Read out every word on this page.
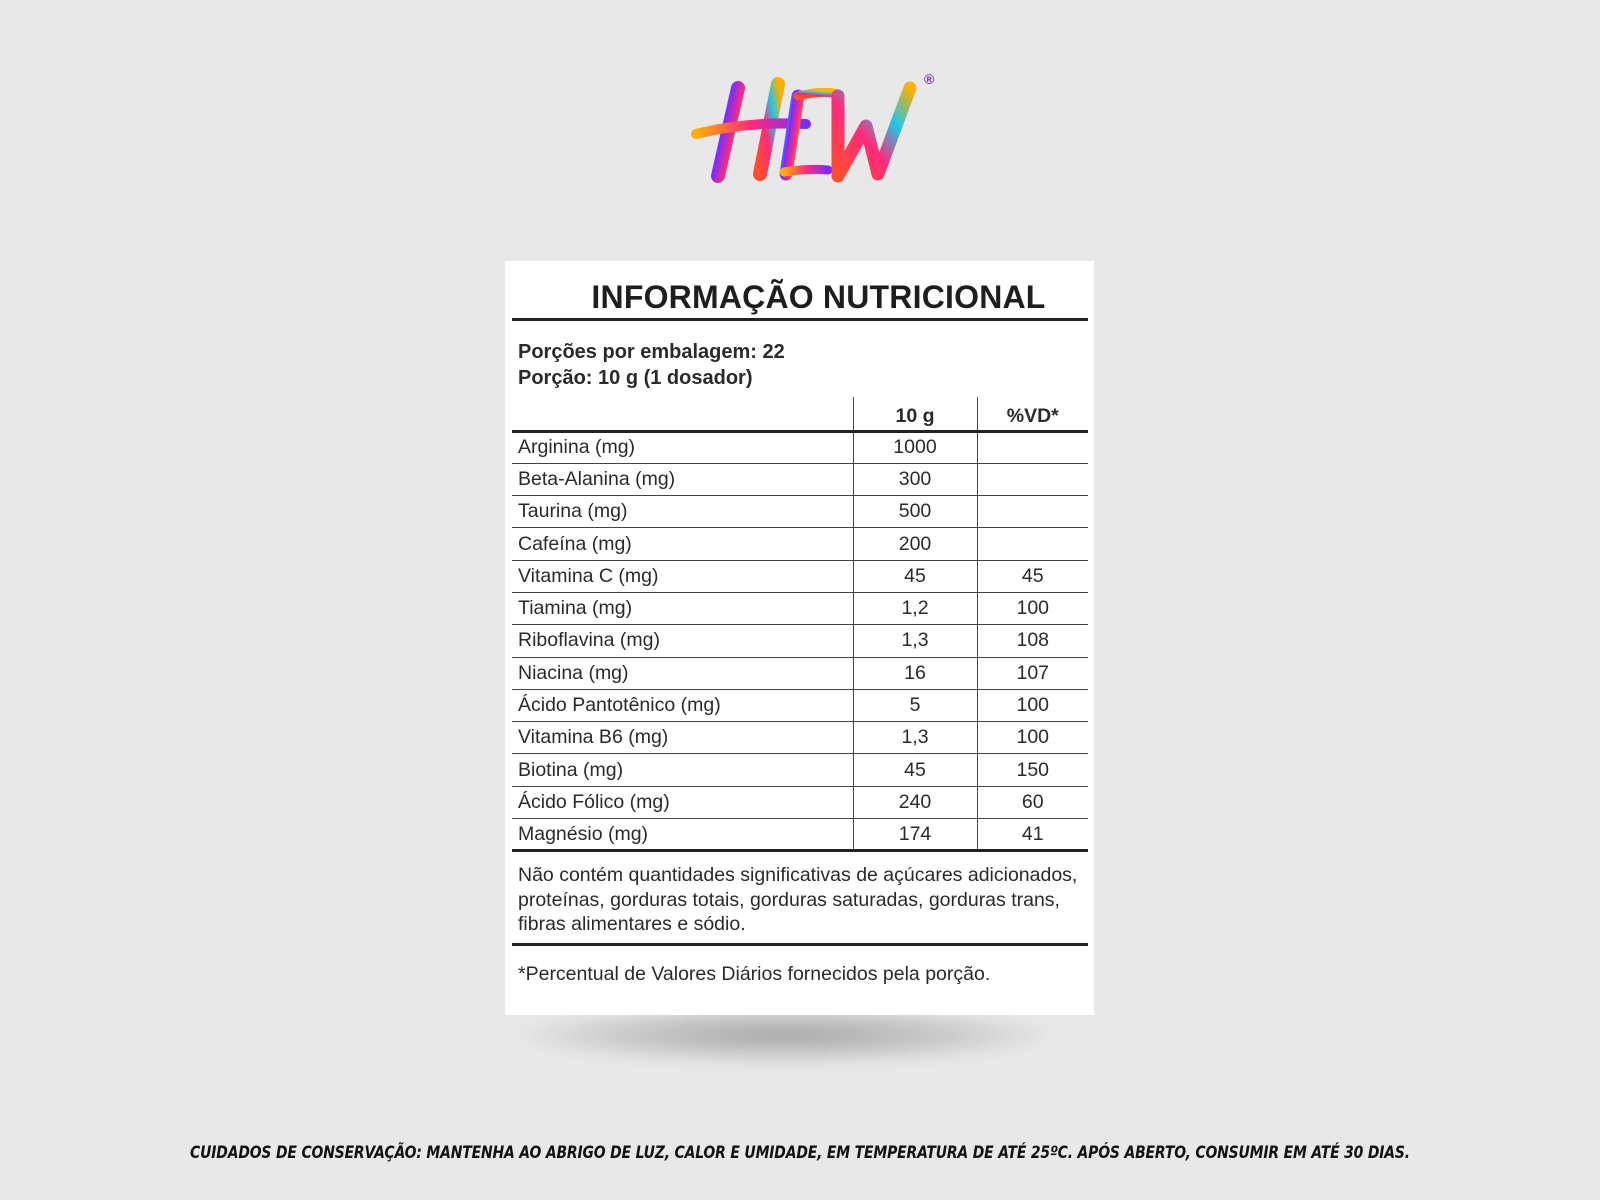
®
INFORMAÇÃO NUTRICIONAL
Porções por embalagem: 22
Porção: 10 g (1 dosador)
	10 g	%VD*
Arginina (mg)	1000	
Beta-Alanina (mg)	300	
Taurina (mg)	500	
Cafeína (mg)	200	
Vitamina C (mg)	45	45
Tiamina (mg)	1,2	100
Riboflavina (mg)	1,3	108
Niacina (mg)	16	107
Ácido Pantotênico (mg)	5	100
Vitamina B6 (mg)	1,3	100
Biotina (mg)	45	150
Ácido Fólico (mg)	240	60
Magnésio (mg)	174	41
Não contém quantidades significativas de açúcares adicionados, proteínas, gorduras totais, gorduras saturadas, gorduras trans, fibras alimentares e sódio.
*Percentual de Valores Diários fornecidos pela porção.
CUIDADOS DE CONSERVAÇÃO: MANTENHA AO ABRIGO DE LUZ, CALOR E UMIDADE, EM TEMPERATURA DE ATÉ 25ºC. APÓS ABERTO, CONSUMIR EM ATÉ 30 DIAS.
